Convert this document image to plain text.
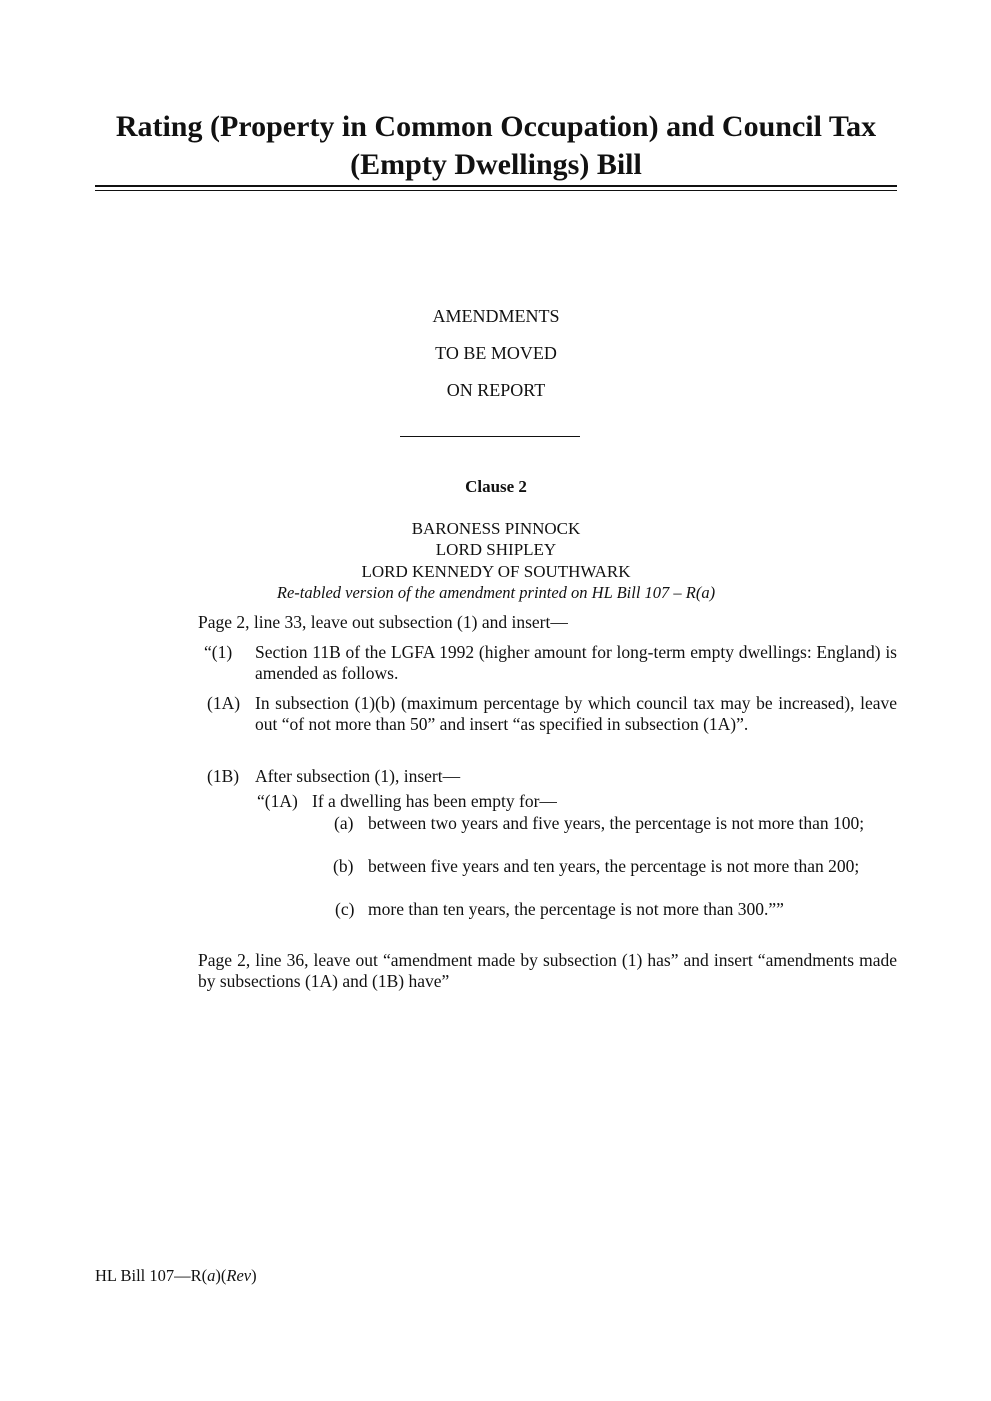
Rating (Property in Common Occupation) and Council Tax (Empty Dwellings) Bill
AMENDMENTS
TO BE MOVED
ON REPORT
Clause 2
BARONESS PINNOCK
LORD SHIPLEY
LORD KENNEDY OF SOUTHWARK
Re-tabled version of the amendment printed on HL Bill 107 – R(a)
Page 2, line 33, leave out subsection (1) and insert—
“(1) Section 11B of the LGFA 1992 (higher amount for long-term empty dwellings: England) is amended as follows.
(1A) In subsection (1)(b) (maximum percentage by which council tax may be increased), leave out “of not more than 50” and insert “as specified in subsection (1A)”.
(1B) After subsection (1), insert—
“(1A) If a dwelling has been empty for—
(a) between two years and five years, the percentage is not more than 100;
(b) between five years and ten years, the percentage is not more than 200;
(c) more than ten years, the percentage is not more than 300.””
Page 2, line 36, leave out “amendment made by subsection (1) has” and insert “amendments made by subsections (1A) and (1B) have”
HL Bill 107—R(a)(Rev)
